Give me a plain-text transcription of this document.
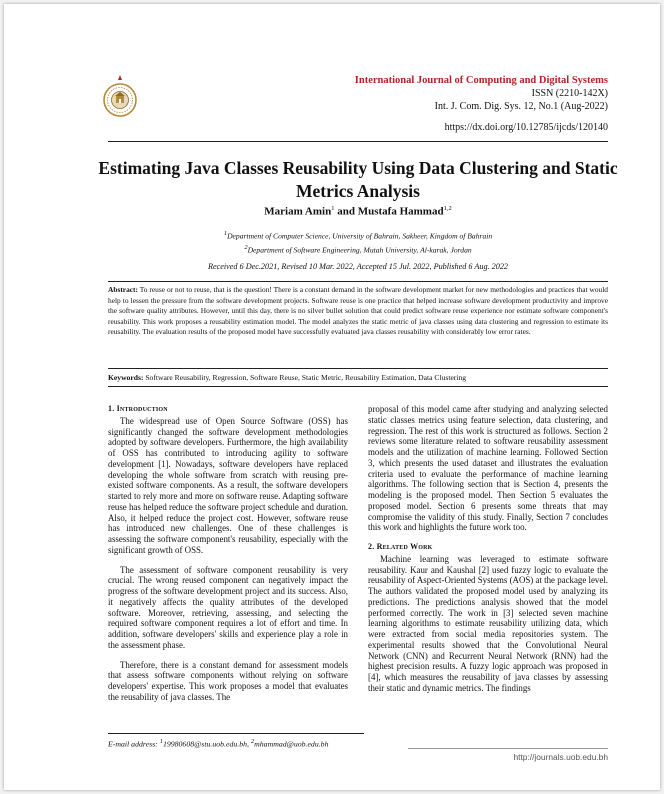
International Journal of Computing and Digital Systems
ISSN (2210-142X)
Int. J. Com. Dig. Sys. 12, No.1 (Aug-2022)
https://dx.doi.org/10.12785/ijcds/120140
Estimating Java Classes Reusability Using Data Clustering and Static Metrics Analysis
Mariam Amin$^1$ and Mustafa Hammad$^{1,2}$
$^1$Department of Computer Science, University of Bahrain, Sakheer, Kingdom of Bahrain
$^2$Department of Software Engineering, Mutah University, Al-karak, Jordan
Received 6 Dec.2021, Revised 10 Mar. 2022, Accepted 15 Jul. 2022, Published 6 Aug. 2022
Abstract: To reuse or not to reuse, that is the question! There is a constant demand in the software development market for new methodologies and practices that would help to lessen the pressure from the software development projects. Software reuse is one practice that helped increase software development productivity and improve the software quality attributes. However, until this day, there is no silver bullet solution that could predict software reuse experience nor estimate software component's reusability. This work proposes a reusability estimation model. The model analyzes the static metric of java classes using data clustering and regression to estimate its reusability. The evaluation results of the proposed model have successfully evaluated java classes reusability with considerably low error rates.
Keywords: Software Reusability, Regression, Software Reuse, Static Metric, Reusability Estimation, Data Clustering
1. Introduction

The widespread use of Open Source Software (OSS) has significantly changed the software development methodologies adopted by software developers. Furthermore, the high availability of OSS has contributed to introducing agility to software development [1]. Nowadays, software developers have replaced developing the whole software from scratch with reusing pre-existed software components. As a result, the software developers started to rely more and more on software reuse. Adapting software reuse has helped reduce the software project schedule and duration. Also, it helped reduce the project cost. However, software reuse has introduced new challenges. One of these challenges is assessing the software component's reusability, especially with the significant growth of OSS.

The assessment of software component reusability is very crucial. The wrong reused component can negatively impact the progress of the software development project and its success. Also, it negatively affects the quality attributes of the developed software. Moreover, retrieving, assessing, and selecting the required software component requires a lot of effort and time. In addition, software developers' skills and experience play a role in the assessment phase.

Therefore, there is a constant demand for assessment models that assess software components without relying on software developers' expertise. This work proposes a model that evaluates the reusability of java classes. The

proposal of this model came after studying and analyzing selected static classes metrics using feature selection, data clustering, and regression. The rest of this work is structured as follows. Section 2 reviews some literature related to software reusability assessment models and the utilization of machine learning. Followed Section 3, which presents the used dataset and illustrates the evaluation criteria used to evaluate the performance of machine learning algorithms. The following section that is Section 4, presents the modeling is the proposed model. Then Section 5 evaluates the proposed model. Section 6 presents some threats that may compromise the validity of this study. Finally, Section 7 concludes this work and highlights the future work too.

2. Related Work

Machine learning was leveraged to estimate software reusability. Kaur and Kaushal [2] used fuzzy logic to evaluate the reusability of Aspect-Oriented Systems (AOS) at the package level. The authors validated the proposed model used by analyzing its predictions. The predictions analysis showed that the model performed correctly. The work in [3] selected seven machine learning algorithms to estimate reusability utilizing data, which were extracted from social media repositories system. The experimental results showed that the Convolutional Neural Network (CNN) and Recurrent Neural Network (RNN) had the highest precision results. A fuzzy logic approach was proposed in [4], which measures the reusability of java classes by assessing their static and dynamic metrics. The findings

E-mail address: $^1$19980608@stu.uob.edu.bh, $^2$mhammad@uob.edu.bh
http://journals.uob.edu.bh
